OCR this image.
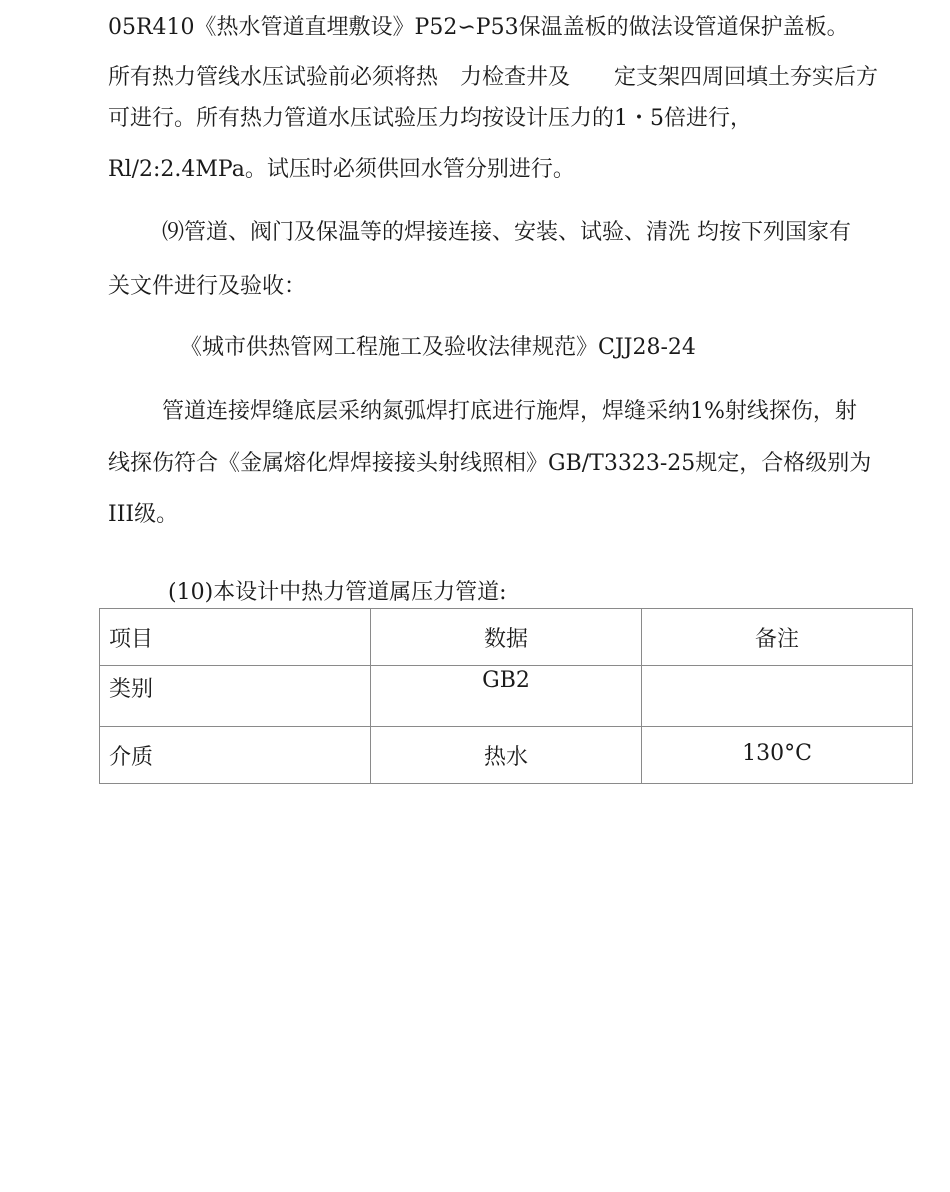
05R410《热水管道直埋敷设》P52∽P53保温盖板的做法设管道保护盖板。
所有热力管线水压试验前必须将热　力检查井及　　定支架四周回填土夯实后方
可进行。所有热力管道水压试验压力均按设计压力的1・5倍进行，
Rl/2:2.4MPa。试压时必须供回水管分别进行。
⑼管道、阀门及保温等的焊接连接、安装、试验、清洗 均按下列国家有
关文件进行及验收：
《城市供热管网工程施工及验收法律规范》CJJ28-24
管道连接焊缝底层采纳氮弧焊打底进行施焊，焊缝采纳1%射线探伤，射
线探伤符合《金属熔化焊焊接接头射线照相》GB/T3323-25规定，合格级别为
III级。
(10)本设计中热力管道属压力管道:
项目	数据	备注
类别	GB2	
介质	热水	130°C
